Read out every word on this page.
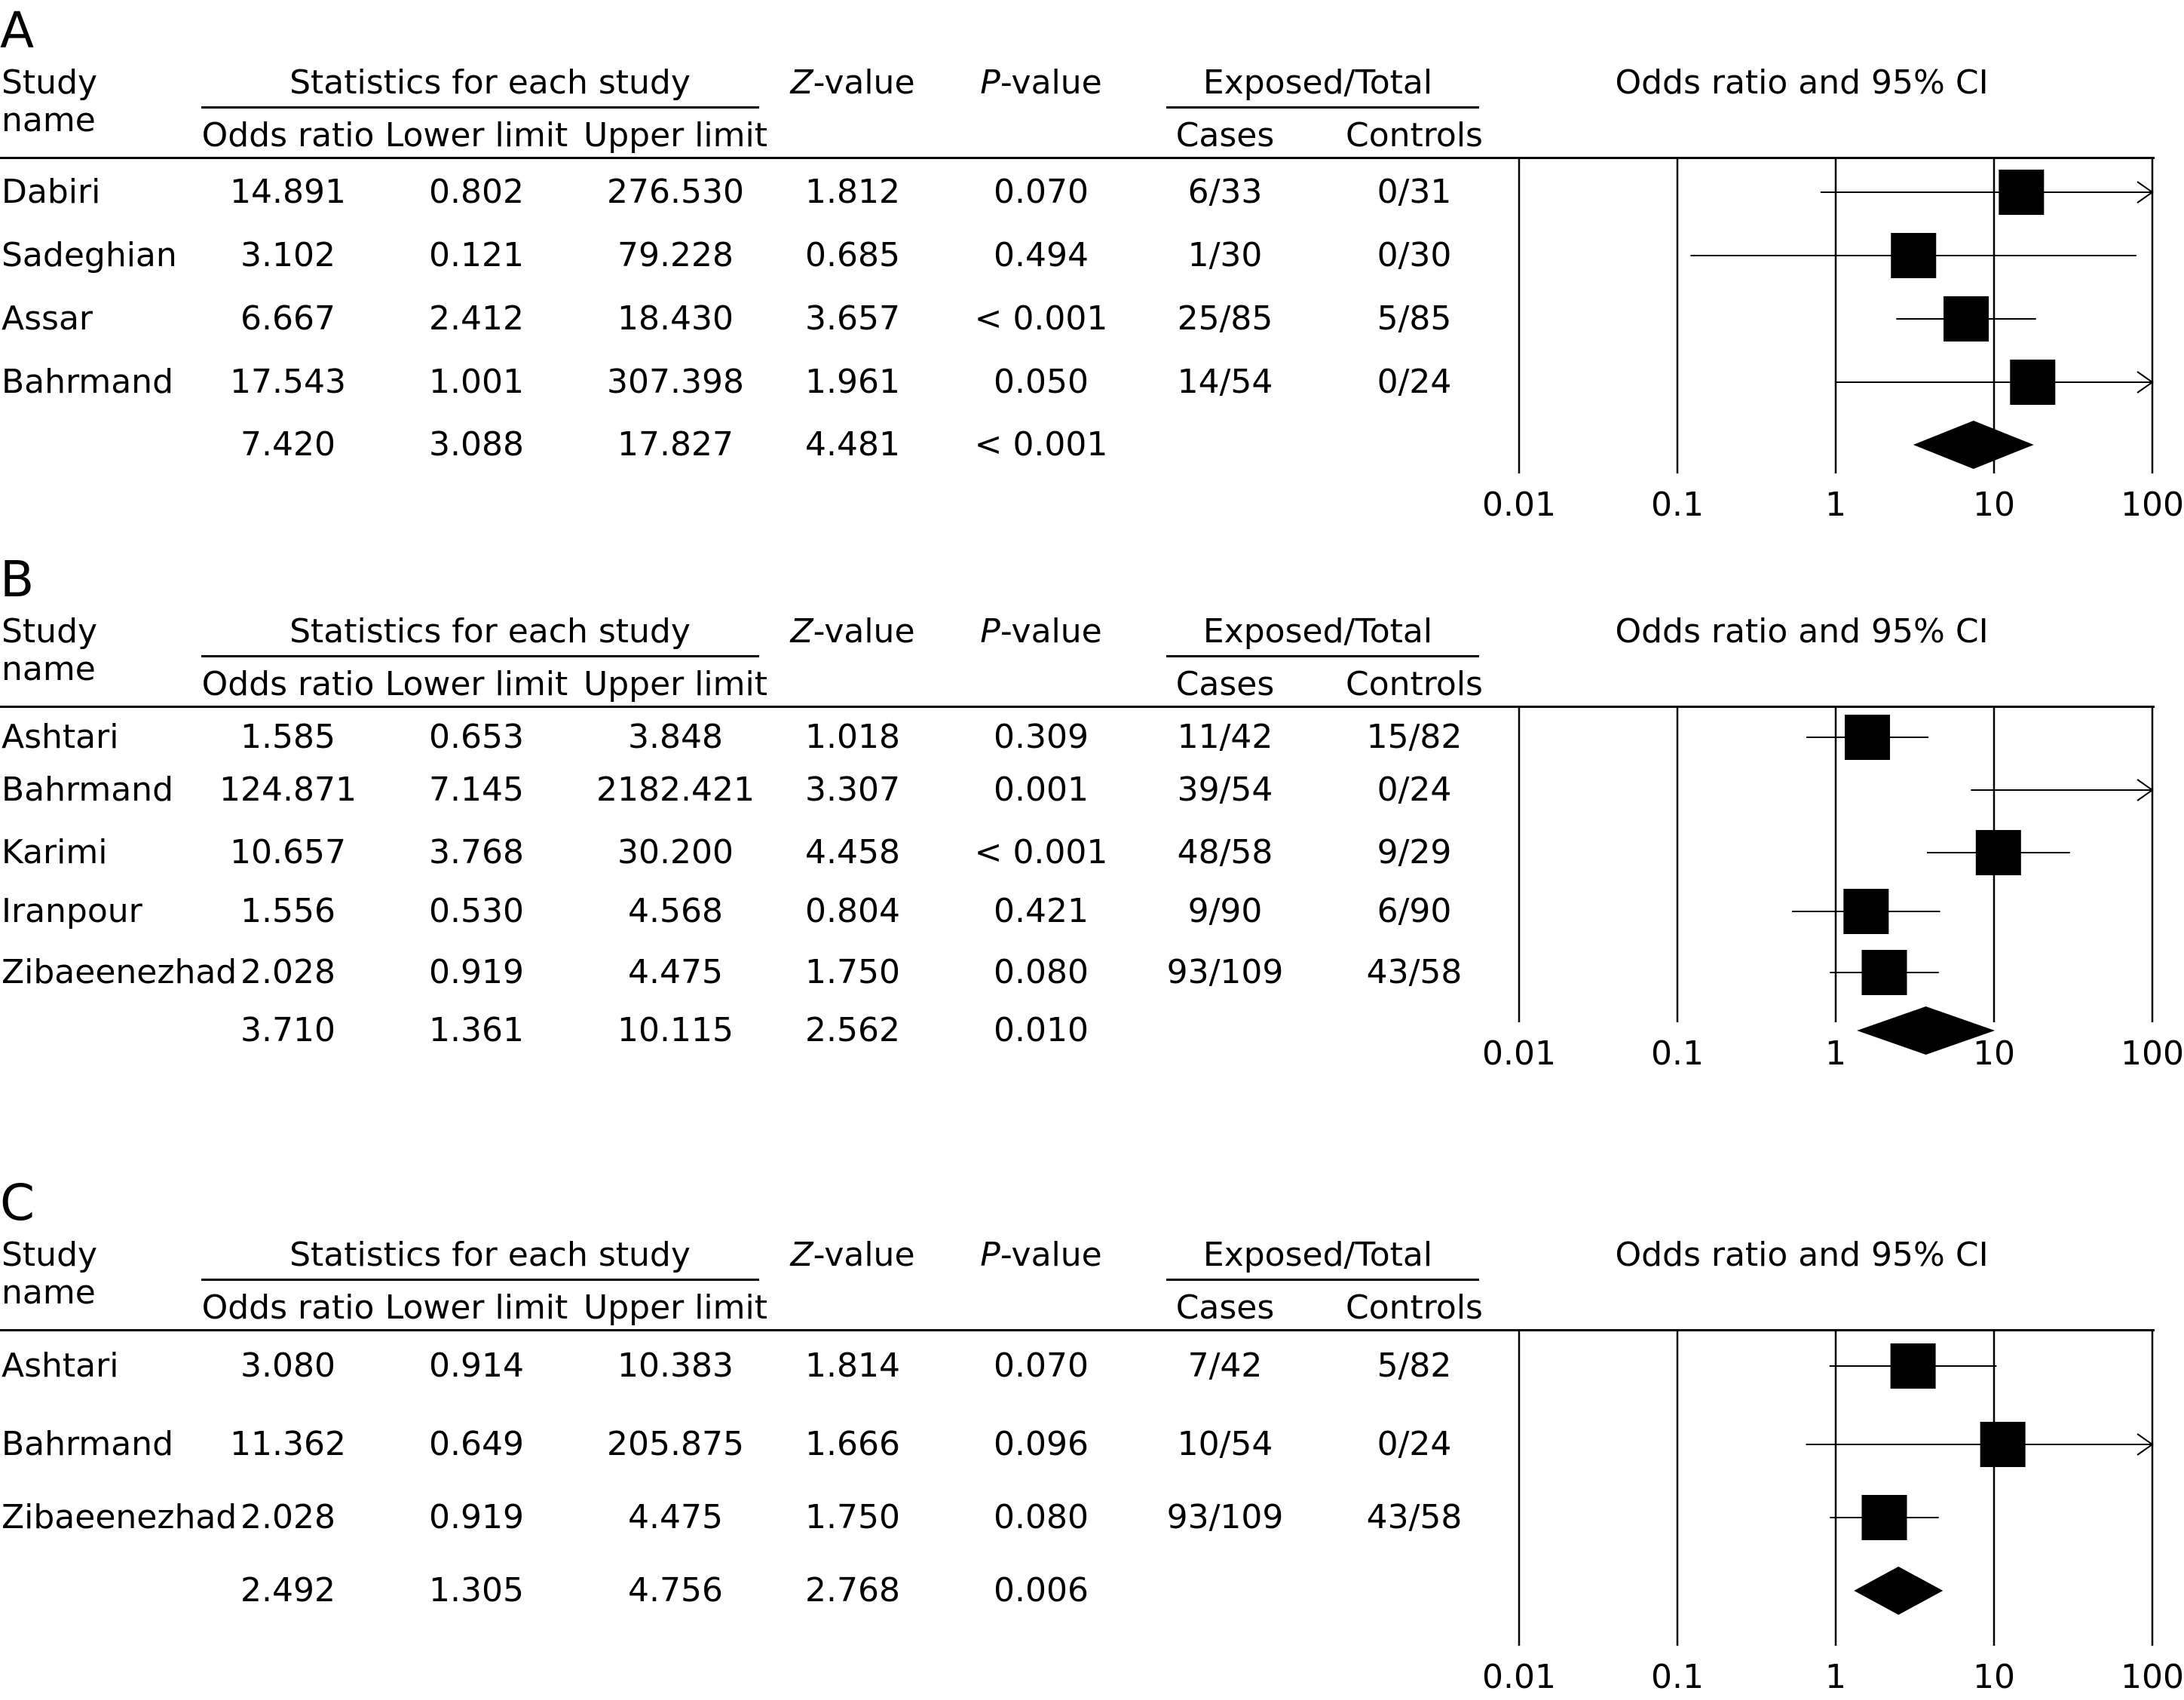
A
Study
name
Statistics for each study
Odds ratio Lower limit Upper limit
Z-value P-value	Exposed/Total
Cases Controls
Odds ratio and 95% CI
Dabiri	14.891	0.802	276.530 1.812	0.070	6/33	0/31
Sadeghian 3.102	0.121	79.228 0.685	0.494	1/30	0/30
Assar	6.667	2.412	18.430 3.657 < 0.001 25/85	5/85
Bahrmand 17.543	1.001	307.398 1.961	0.050	14/54	0/24
7.420	3.088	17.827 4.481 < 0.001
0.01	0.1	1	10	100
B
Study
name
Statistics for each study
Odds ratio Lower limit Upper limit
Z-value P-value	Exposed/Total
Cases Controls
Odds ratio and 95% CI
Ashtari	1.585	0.653	3.848 1.018	0.309	11/42	15/82
Bahrmand 124.871 7.145 2182.421 3.307	0.001	39/54	0/24
Karimi	10.657	3.768	30.200 4.458 < 0.001 48/58	9/29
Iranpour	1.556	0.530	4.568 0.804	0.421	9/90	6/90
Zibaeenezhad 2.028	0.919	4.475 1.750	0.080 93/109	43/58
3.710	1.361	10.115 2.562	0.010
0.01	0.1	1	10	100
C
Study
name
Statistics for each study
Odds ratio Lower limit Upper limit
Z-value P-value	Exposed/Total
Cases Controls
Odds ratio and 95% CI
Ashtari	3.080	0.914	10.383 1.814	0.070	7/42	5/82
Bahrmand 11.362	0.649	205.875 1.666	0.096	10/54	0/24
Zibaeenezhad 2.028	0.919	4.475 1.750	0.080 93/109	43/58
2.492	1.305	4.756 2.768	0.006
0.01	0.1	1	10	100
